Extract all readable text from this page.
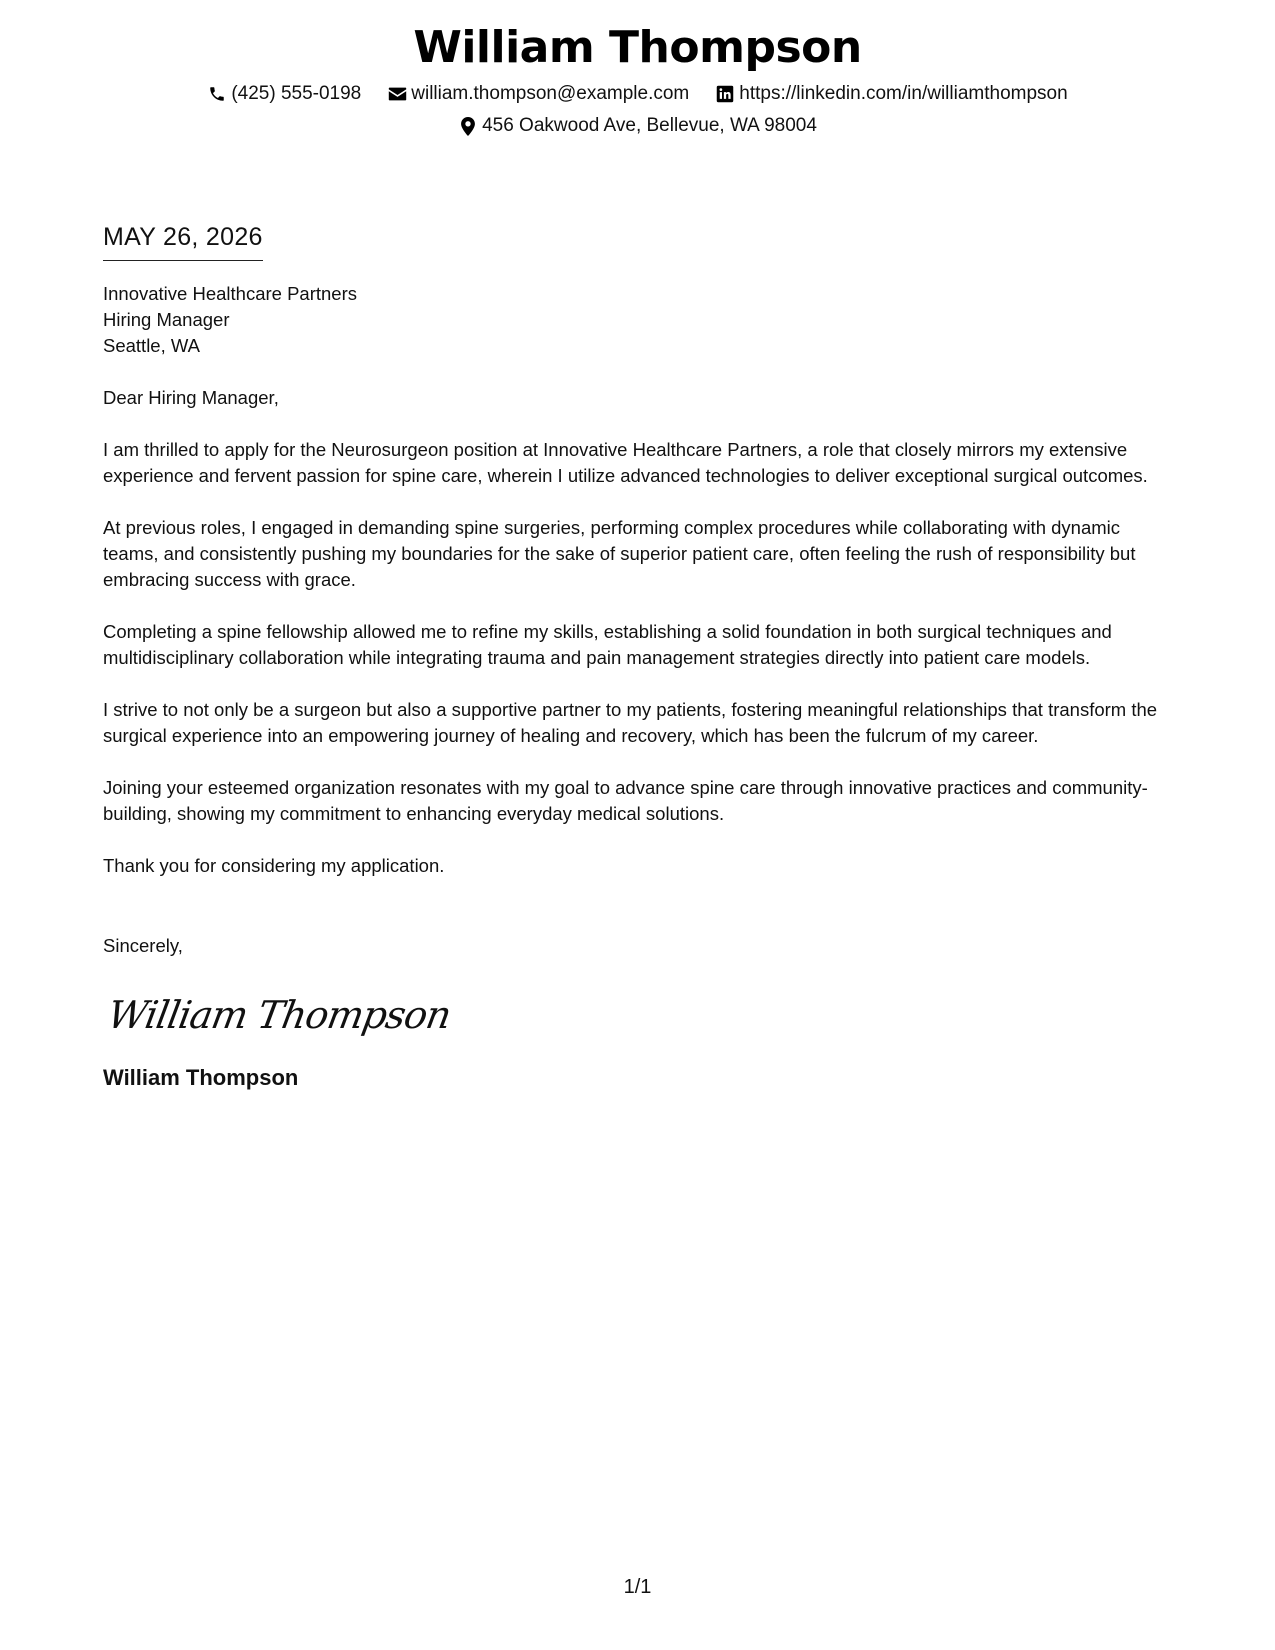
William Thompson
(425) 555-0198	william.thompson@example.com	https://linkedin.com/in/williamthompson
456 Oakwood Ave, Bellevue, WA 98004
MAY 26, 2026
Innovative Healthcare Partners
Hiring Manager
Seattle, WA
Dear Hiring Manager,

I am thrilled to apply for the Neurosurgeon position at Innovative Healthcare Partners, a role that closely mirrors my extensive experience and fervent passion for spine care, wherein I utilize advanced technologies to deliver exceptional surgical outcomes.

At previous roles, I engaged in demanding spine surgeries, performing complex procedures while collaborating with dynamic teams, and consistently pushing my boundaries for the sake of superior patient care, often feeling the rush of responsibility but embracing success with grace.

Completing a spine fellowship allowed me to refine my skills, establishing a solid foundation in both surgical techniques and multidisciplinary collaboration while integrating trauma and pain management strategies directly into patient care models.

I strive to not only be a surgeon but also a supportive partner to my patients, fostering meaningful relationships that transform the surgical experience into an empowering journey of healing and recovery, which has been the fulcrum of my career.

Joining your esteemed organization resonates with my goal to advance spine care through innovative practices and community-building, showing my commitment to enhancing everyday medical solutions.

Thank you for considering my application.

Sincerely,
William Thompson
William Thompson
1/1
